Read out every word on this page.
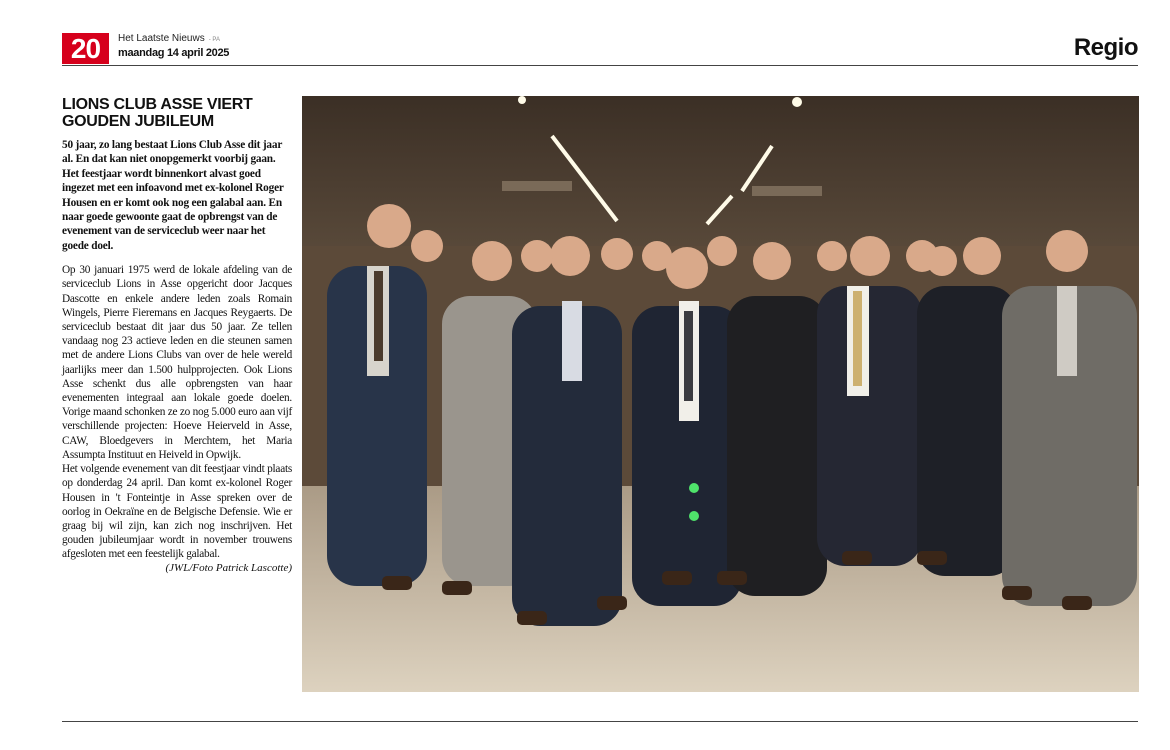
20	Het Laatste Nieuws - PA
maandag 14 april 2025	Regio
LIONS CLUB ASSE VIERT GOUDEN JUBILEUM

50 jaar, zo lang bestaat Lions Club Asse dit jaar al. En dat kan niet onopgemerkt voorbij gaan. Het feestjaar wordt binnenkort alvast goed ingezet met een infoavond met ex-kolonel Roger Housen en er komt ook nog een galabal aan. En naar goede gewoonte gaat de opbrengst van de evenement van de serviceclub weer naar het goede doel.

Op 30 januari 1975 werd de lokale afdeling van de serviceclub Lions in Asse opgericht door Jacques Dascotte en enkele andere leden zoals Romain Wingels, Pierre Fieremans en Jacques Reygaerts. De serviceclub bestaat dit jaar dus 50 jaar. Ze tellen vandaag nog 23 actieve leden en die steunen samen met de andere Lions Clubs van over de hele wereld jaarlijks meer dan 1.500 hulpprojecten. Ook Lions Asse schenkt dus alle opbrengsten van haar evenementen integraal aan lokale goede doelen. Vorige maand schonken ze zo nog 5.000 euro aan vijf verschillende projecten: Hoeve Heierveld in Asse, CAW, Bloedgevers in Merchtem, het Maria Assumpta Instituut en Heiveld in Opwijk.

Het volgende evenement van dit feestjaar vindt plaats op donderdag 24 april. Dan komt ex-kolonel Roger Housen in 't Fonteintje in Asse spreken over de oorlog in Oekraïne en de Belgische Defensie. Wie er graag bij wil zijn, kan zich nog inschrijven. Het gouden jubileumjaar wordt in november trouwens afgesloten met een feestelijk galabal.

(JWL/Foto Patrick Lascotte)
